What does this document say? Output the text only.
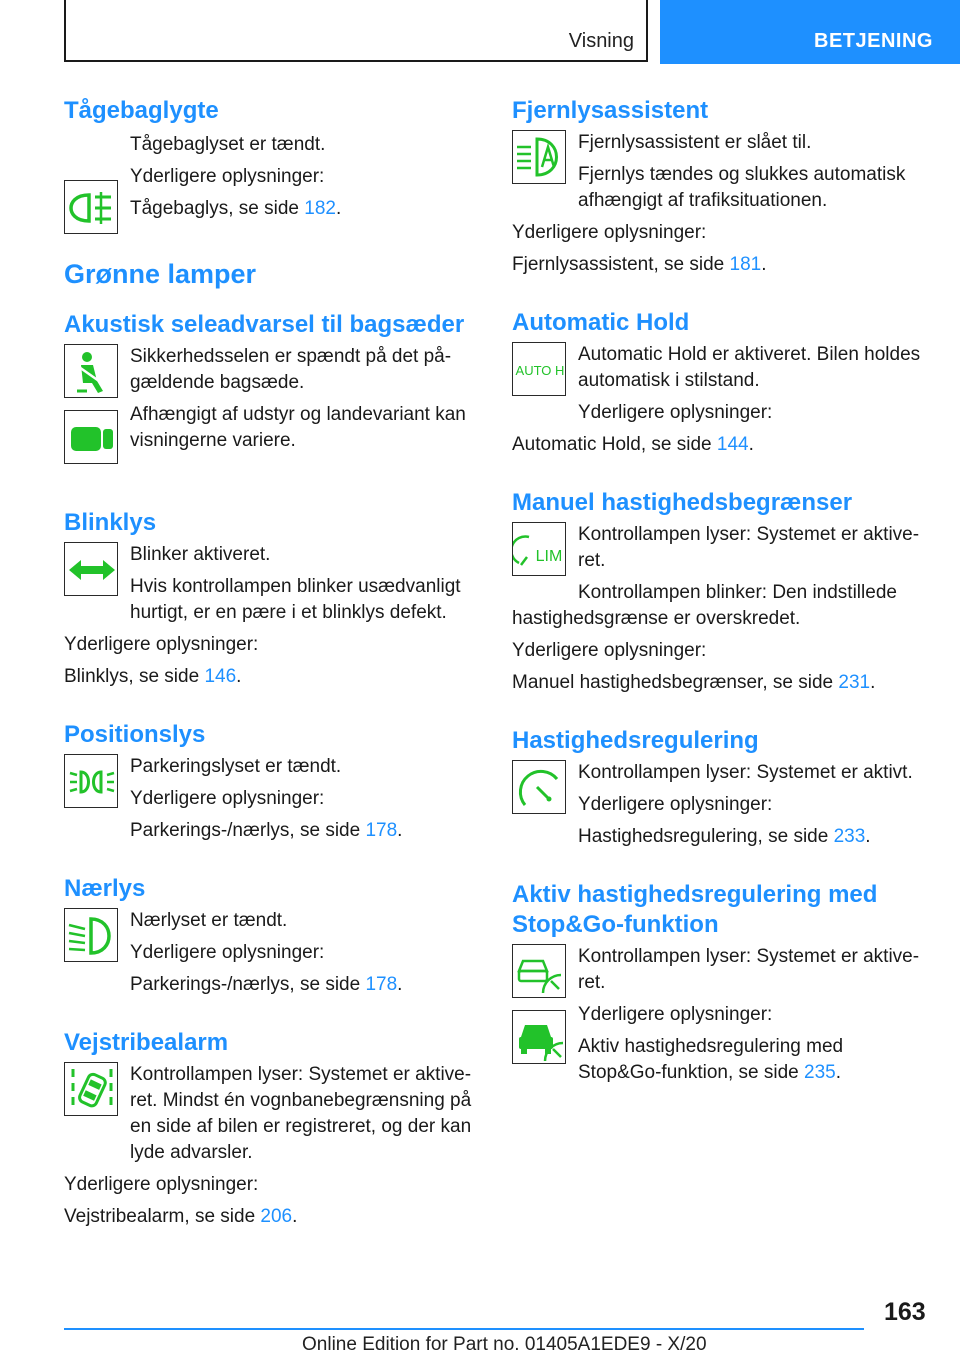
Visning	BETJENING
Tågebaglygte

Tågebaglyset er tændt.

Yderligere oplysninger:

Tågebaglys, se side 182.

Grønne lamper
Akustisk seleadvarsel til bagsæder

Sikkerhedsselen er spændt på det på-gældende bagsæde.

Afhængigt af udstyr og landevariant kan visningerne variere.

Blinklys

Blinker aktiveret.

Hvis kontrollampen blinker usædvanligt hurtigt, er en pære i et blinklys defekt.

Yderligere oplysninger:

Blinklys, se side 146.

Positionslys

Parkeringslyset er tændt.

Yderligere oplysninger:

Parkerings-/nærlys, se side 178.

Nærlys

Nærlyset er tændt.

Yderligere oplysninger:

Parkerings-/nærlys, se side 178.

Vejstribealarm

Kontrollampen lyser: Systemet er aktive-ret. Mindst én vognbanebegrænsning på en side af bilen er registreret, og der kan lyde advarsler.

Yderligere oplysninger:

Vejstribealarm, se side 206.

Fjernlysassistent

Fjernlysassistent er slået til.

Fjernlys tændes og slukkes automatisk afhængigt af trafiksituationen.

Yderligere oplysninger:

Fjernlysassistent, se side 181.

Automatic Hold
AUTO H

Automatic Hold er aktiveret. Bilen holdes automatisk i stilstand.

Yderligere oplysninger:

Automatic Hold, se side 144.

Manuel hastighedsbegrænser
LIM

Kontrollampen lyser: Systemet er aktive-ret.

Kontrollampen blinker: Den indstillede hastighedsgrænse er overskredet.

Yderligere oplysninger:

Manuel hastighedsbegrænser, se side 231.

Hastighedsregulering

Kontrollampen lyser: Systemet er aktivt.

Yderligere oplysninger:

Hastighedsregulering, se side 233.

Aktiv hastighedsregulering med Stop&Go-funktion

Kontrollampen lyser: Systemet er aktive-ret.

Yderligere oplysninger:

Aktiv hastighedsregulering med Stop&Go-funktion, se side 235.

163
Online Edition for Part no. 01405A1EDE9 - X/20
